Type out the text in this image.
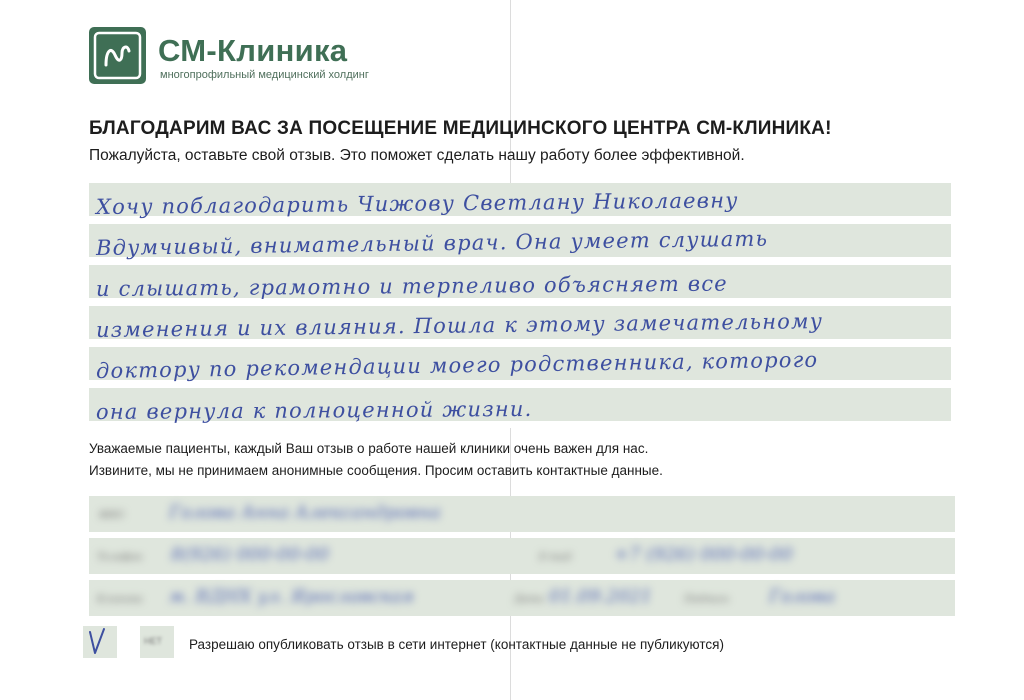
СМ-Клиника
многопрофильный медицинский холдинг
БЛАГОДАРИМ ВАС ЗА ПОСЕЩЕНИЕ МЕДИЦИНСКОГО ЦЕНТРА СМ-КЛИНИКА!
Пожалуйста, оставьте свой отзыв. Это поможет сделать нашу работу более эффективной.
Хочу поблагодарить Чижову Светлану Николаевну
Вдумчивый, внимательный врач. Она умеет слушать
и слышать, грамотно и терпеливо объясняет все
изменения и их влияния. Пошла к этому замечательному
доктору по рекомендации моего родственника, которого
она вернула к полноценной жизни.
Уважаемые пациенты, каждый Ваш отзыв о работе нашей клиники очень важен для нас.
Извините, мы не принимаем анонимные сообщения. Просим оставить контактные данные.
ФИО Голова Анна Александровна
Телефон 8(926) 000-00-00	Е-mail +7 (926) 000-00-00
Клиника м. ВДНХ ул. Ярославская	Дата 01.09.2021	Подпись Голова
НЕТ Разрешаю опубликовать отзыв в сети интернет (контактные данные не публикуются)
